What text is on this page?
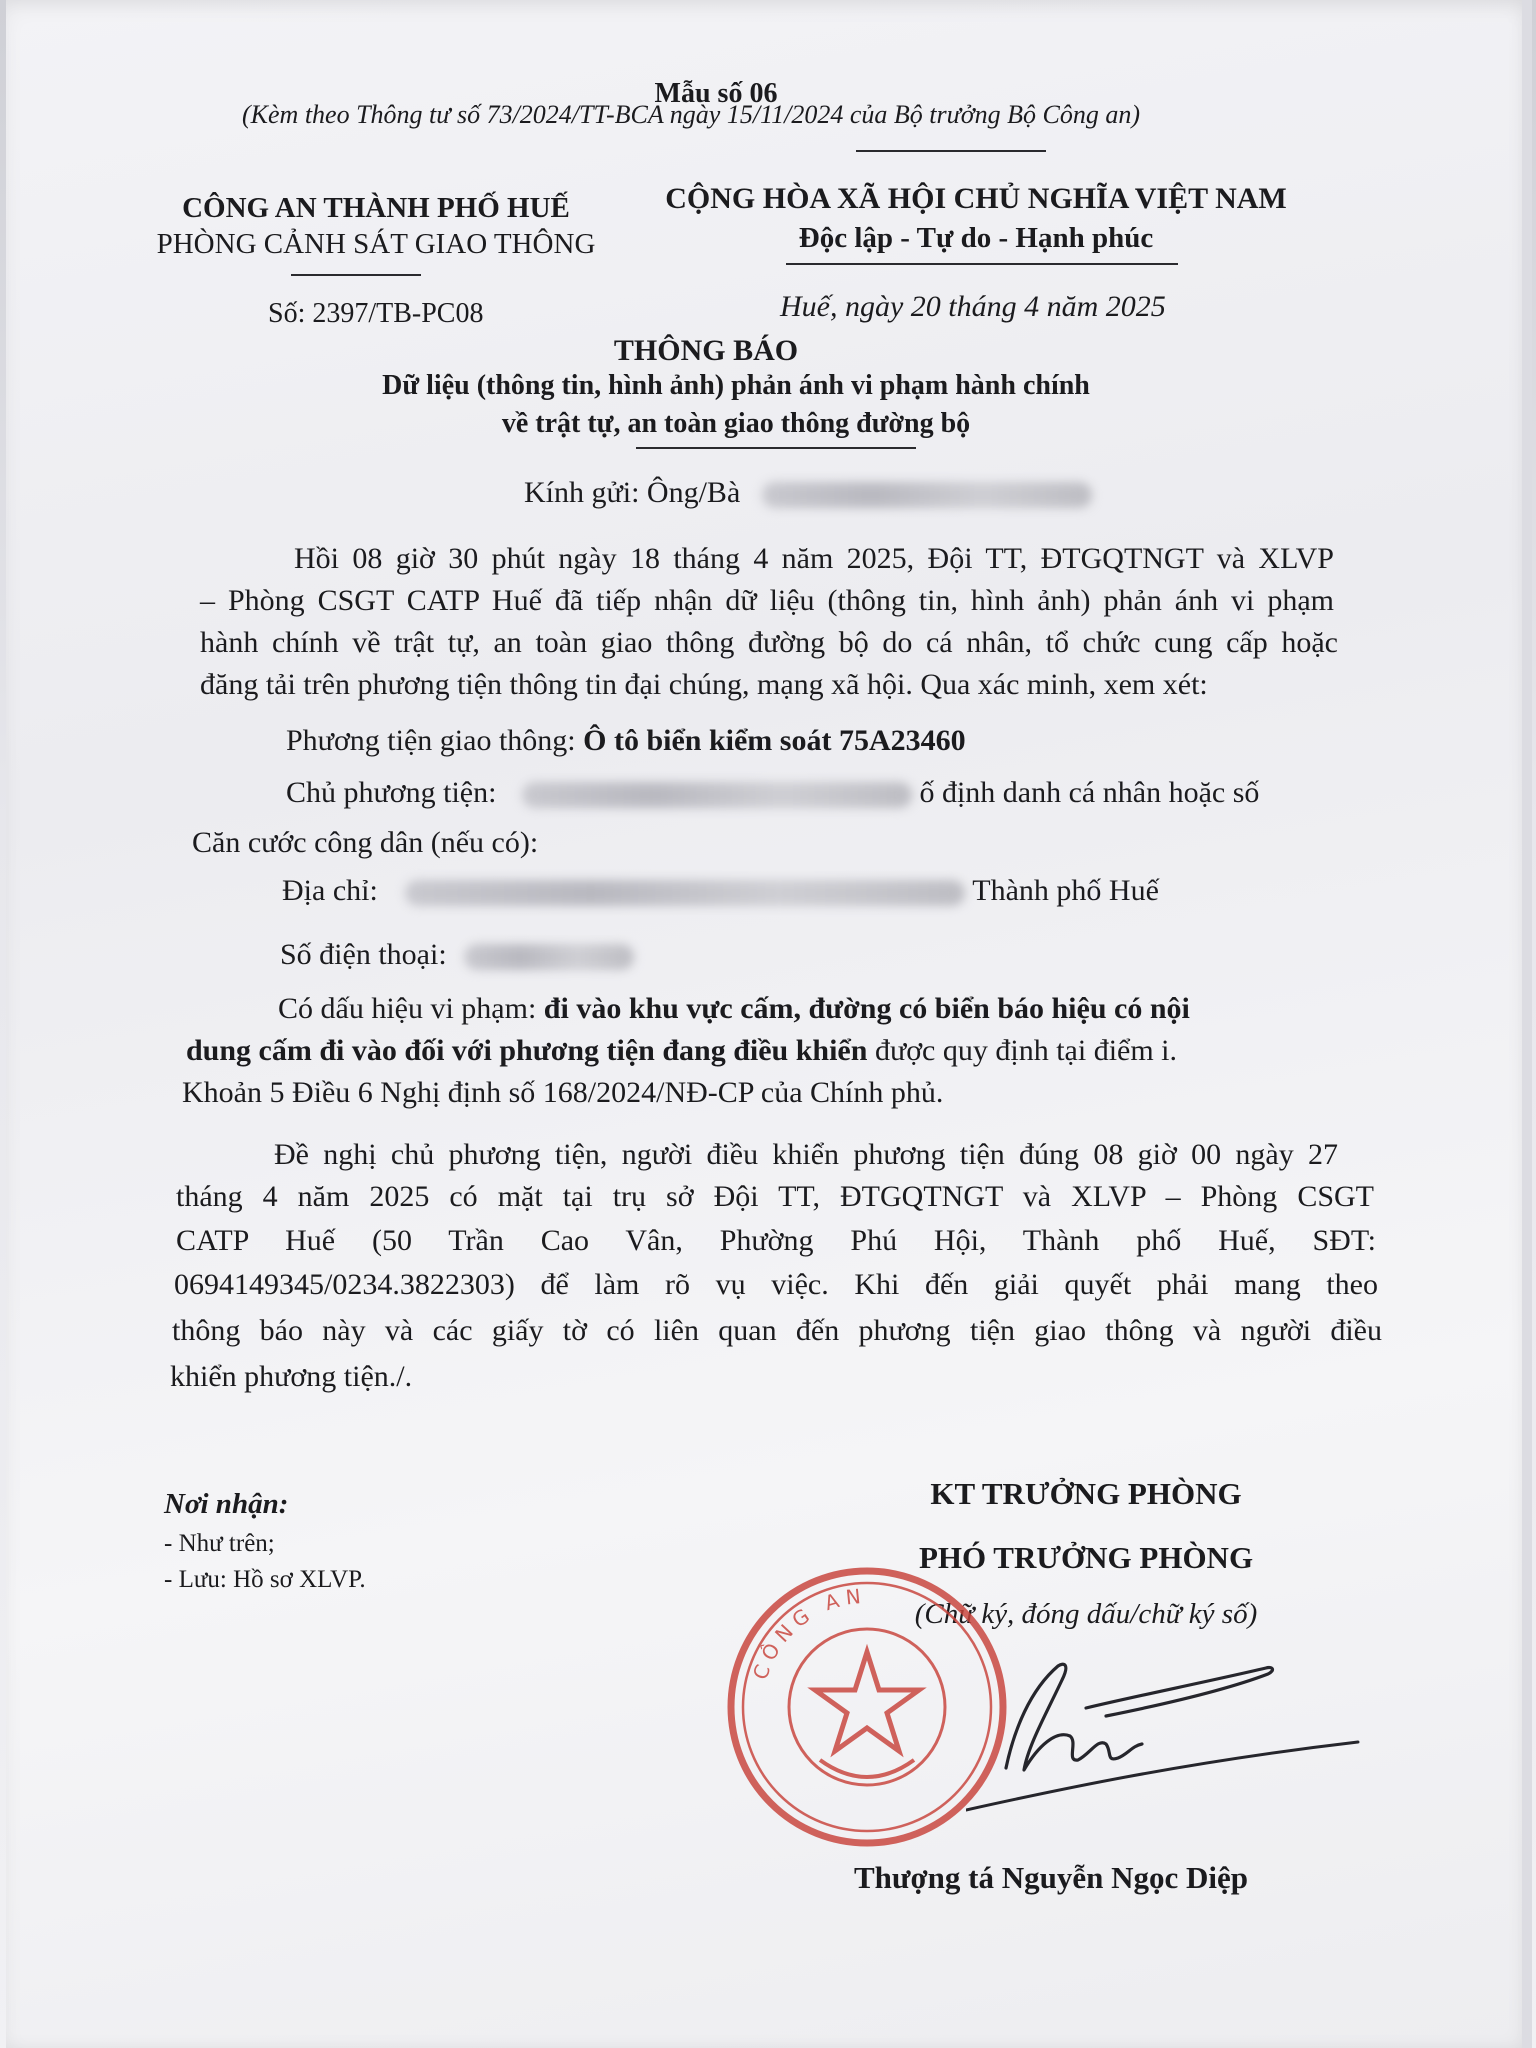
Mẫu số 06
(Kèm theo Thông tư số 73/2024/TT-BCA ngày 15/11/2024 của Bộ trưởng Bộ Công an)
CÔNG AN THÀNH PHỐ HUẾ
PHÒNG CẢNH SÁT GIAO THÔNG
CỘNG HÒA XÃ HỘI CHỦ NGHĨA VIỆT NAM
Độc lập - Tự do - Hạnh phúc
Số: 2397/TB-PC08	Huế, ngày 20 tháng 4 năm 2025
THÔNG BÁO
Dữ liệu (thông tin, hình ảnh) phản ánh vi phạm hành chính
về trật tự, an toàn giao thông đường bộ
Kính gửi: Ông/Bà
Hồi 08 giờ 30 phút ngày 18 tháng 4 năm 2025, Đội TT, ĐTGQTNGT và XLVP
– Phòng CSGT CATP Huế đã tiếp nhận dữ liệu (thông tin, hình ảnh) phản ánh vi phạm
hành chính về trật tự, an toàn giao thông đường bộ do cá nhân, tổ chức cung cấp hoặc
đăng tải trên phương tiện thông tin đại chúng, mạng xã hội. Qua xác minh, xem xét:
Phương tiện giao thông: Ô tô biển kiểm soát 75A23460
Chủ phương tiện:	ố định danh cá nhân hoặc số
Căn cước công dân (nếu có):
Địa chỉ:	Thành phố Huế
Số điện thoại:
Có dấu hiệu vi phạm: đi vào khu vực cấm, đường có biển báo hiệu có nội
dung cấm đi vào đối với phương tiện đang điều khiển được quy định tại điểm i.
Khoản 5 Điều 6 Nghị định số 168/2024/NĐ-CP của Chính phủ.
Đề nghị chủ phương tiện, người điều khiển phương tiện đúng 08 giờ 00 ngày 27
tháng 4 năm 2025 có mặt tại trụ sở Đội TT, ĐTGQTNGT và XLVP – Phòng CSGT
CATP Huế (50 Trần Cao Vân, Phường Phú Hội, Thành phố Huế, SĐT:
0694149345/0234.3822303) để làm rõ vụ việc. Khi đến giải quyết phải mang theo
thông báo này và các giấy tờ có liên quan đến phương tiện giao thông và người điều
khiển phương tiện./.
Nơi nhận:
- Như trên;
- Lưu: Hồ sơ XLVP.
KT TRƯỞNG PHÒNG
PHÓ TRƯỞNG PHÒNG
(Chữ ký, đóng dấu/chữ ký số)
CÔNG AN
Thượng tá Nguyễn Ngọc Diệp
